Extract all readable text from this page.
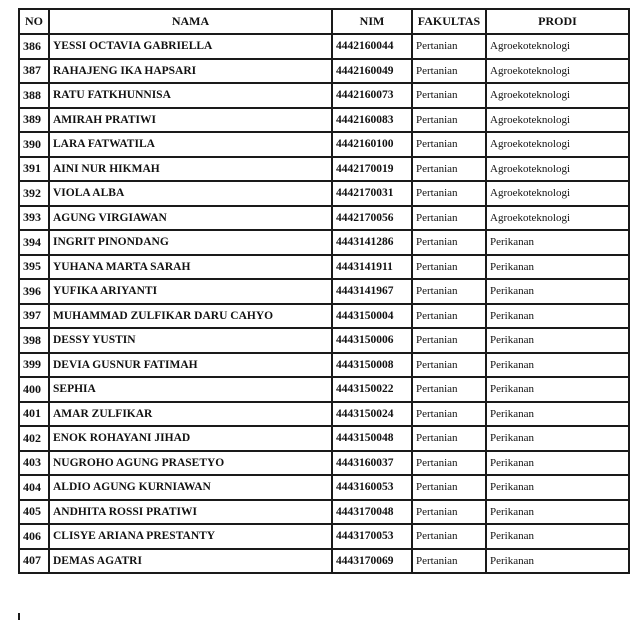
NO	NAMA	NIM	FAKULTAS	PRODI
386	YESSI OCTAVIA GABRIELLA	4442160044	Pertanian	Agroekoteknologi
387	RAHAJENG IKA HAPSARI	4442160049	Pertanian	Agroekoteknologi
388	RATU FATKHUNNISA	4442160073	Pertanian	Agroekoteknologi
389	AMIRAH PRATIWI	4442160083	Pertanian	Agroekoteknologi
390	LARA FATWATILA	4442160100	Pertanian	Agroekoteknologi
391	AINI NUR HIKMAH	4442170019	Pertanian	Agroekoteknologi
392	VIOLA ALBA	4442170031	Pertanian	Agroekoteknologi
393	AGUNG VIRGIAWAN	4442170056	Pertanian	Agroekoteknologi
394	INGRIT PINONDANG	4443141286	Pertanian	Perikanan
395	YUHANA MARTA SARAH	4443141911	Pertanian	Perikanan
396	YUFIKA ARIYANTI	4443141967	Pertanian	Perikanan
397	MUHAMMAD ZULFIKAR DARU CAHYO	4443150004	Pertanian	Perikanan
398	DESSY YUSTIN	4443150006	Pertanian	Perikanan
399	DEVIA GUSNUR FATIMAH	4443150008	Pertanian	Perikanan
400	SEPHIA	4443150022	Pertanian	Perikanan
401	AMAR ZULFIKAR	4443150024	Pertanian	Perikanan
402	ENOK ROHAYANI JIHAD	4443150048	Pertanian	Perikanan
403	NUGROHO AGUNG PRASETYO	4443160037	Pertanian	Perikanan
404	ALDIO AGUNG KURNIAWAN	4443160053	Pertanian	Perikanan
405	ANDHITA ROSSI PRATIWI	4443170048	Pertanian	Perikanan
406	CLISYE ARIANA PRESTANTY	4443170053	Pertanian	Perikanan
407	DEMAS AGATRI	4443170069	Pertanian	Perikanan
